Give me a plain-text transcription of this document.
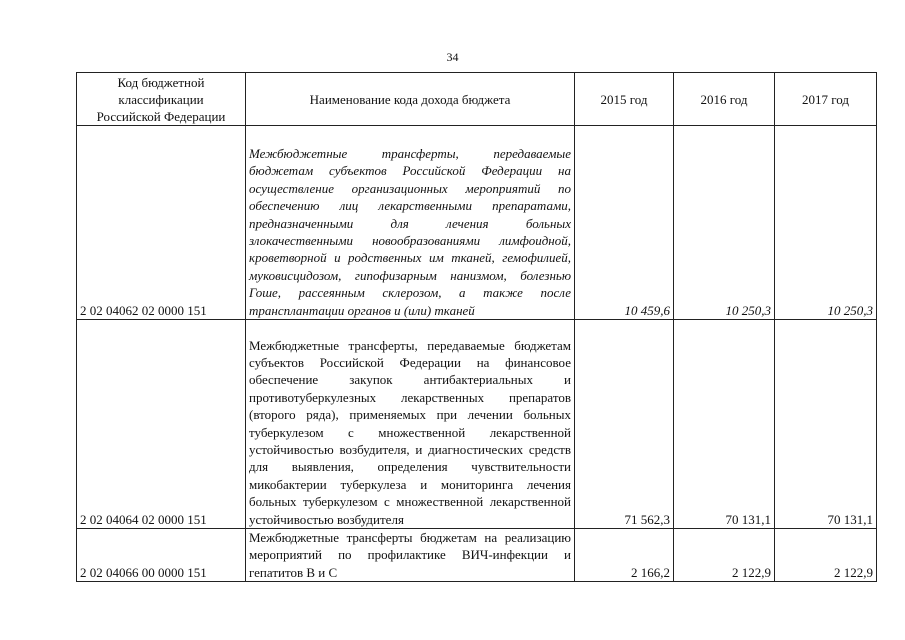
34
Код бюджетной
классификации
Российской Федерации	Наименование кода дохода бюджета	2015 год	2016 год	2017 год
2 02 04062 02 0000 151	Межбюджетные трансферты, передаваемые бюджетам субъектов Российской Федерации на осуществление организационных мероприятий по обеспечению лиц лекарственными препаратами, предназначенными для лечения больных злокачественными новообразованиями лимфоидной, кроветворной и родственных им тканей, гемофилией, муковисцидозом, гипофизарным нанизмом, болезнью Гоше, рассеянным склерозом, а также после трансплантации органов и (или) тканей	10 459,6	10 250,3	10 250,3
2 02 04064 02 0000 151	Межбюджетные трансферты, передаваемые бюджетам субъектов Российской Федерации на финансовое обеспечение закупок антибактериальных и противотуберкулезных лекарственных препаратов (второго ряда), применяемых при лечении больных туберкулезом с множественной лекарственной устойчивостью возбудителя, и диагностических средств для выявления, определения чувствительности микобактерии туберкулеза и мониторинга лечения больных туберкулезом с множественной лекарственной устойчивостью возбудителя	71 562,3	70 131,1	70 131,1
2 02 04066 00 0000 151	Межбюджетные трансферты бюджетам на реализацию мероприятий по профилактике ВИЧ-инфекции и гепатитов В и С	2 166,2	2 122,9	2 122,9
